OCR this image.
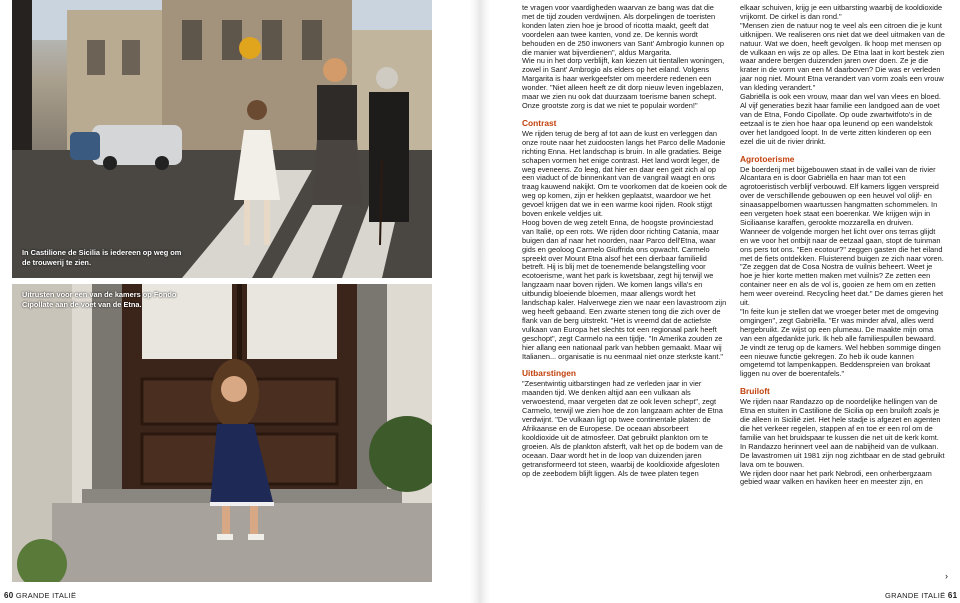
In Castilione de Sicilia is iedereen op weg om de trouwerij te zien.
Uitrusten voor een van de kamers op Fondo Cipollate aan de voet van de Etna.

te vragen voor vaardigheden waarvan ze bang was dat die met de tijd zouden verdwijnen. Als dorpelingen de toeristen konden laten zien hoe je brood of ricotta maakt, geeft dat voordelen aan twee kanten, vond ze. De kennis wordt behouden en de 250 inwoners van Sant' Ambrogio kunnen op die manier wat bijverdienen", aldus Margarita.

Wie nu in het dorp verblijft, kan kiezen uit tientallen woningen, zowel in Sant' Ambrogio als elders op het eiland. Volgens Margarita is haar werkgeefster om meerdere redenen een wonder. "Niet alleen heeft ze dit dorp nieuw leven ingeblazen, maar we zien nu ook dat duurzaam toerisme banen schept. Onze grootste zorg is dat we niet te populair worden!"

Contrast

We rijden terug de berg af tot aan de kust en verleggen dan onze route naar het zuidoosten langs het Parco delle Madonie richting Enna. Het landschap is bruin. In alle gradaties. Beige schapen vormen het enige contrast. Het land wordt leger, de weg eveneens. Zo leeg, dat hier en daar een geit zich al op een viaduct of de binnenkant van de vangrail waagt en ons traag kauwend nakijkt. Om te voorkomen dat de koeien ook de weg op komen, zijn er hekken geplaatst, waardoor we het gevoel krijgen dat we in een warme kooi rijden. Rook stijgt boven enkele veldjes uit.

Hoog boven de weg zetelt Enna, de hoogste provinciestad van Italië, op een rots. We rijden door richting Catania, maar buigen dan af naar het noorden, naar Parco dell'Etna, waar gids en geoloog Carmelo Giuffrida ons opwacht. Carmelo spreekt over Mount Etna alsof het een dierbaar familielid betreft. Hij is blij met de toenemende belangstelling voor ecotoerisme, want het park is kwetsbaar, zegt hij terwijl we langzaam naar boven rijden. We komen langs villa's en uitbundig bloeiende bloemen, maar allengs wordt het landschap kaler. Halverwege zien we naar een lavastroom zijn weg heeft gebaand. Een zwarte stenen tong die zich over de flank van de berg uitstrekt. "Het is vreemd dat de actiefste vulkaan van Europa het slechts tot een regionaal park heeft geschopt", zegt Carmelo na een tijdje. "In Amerika zouden ze hier allang een nationaal park van hebben gemaakt. Maar wij Italianen... organisatie is nu eenmaal niet onze sterkste kant."

Uitbarstingen

"Zesentwintig uitbarstingen had ze verleden jaar in vier maanden tijd. We denken altijd aan een vulkaan als verwoestend, maar vergeten dat ze ook leven schept", zegt Carmelo, terwijl we zien hoe de zon langzaam achter de Etna verdwijnt. "De vulkaan ligt op twee continentale platen: de Afrikaanse en de Europese. De oceaan absorbeert kooldioxide uit de atmosfeer. Dat gebruikt plankton om te groeien. Als de plankton afsterft, valt het op de bodem van de oceaan. Daar wordt het in de loop van duizenden jaren getransformeerd tot steen, waarbij de kooldioxide afgesloten op de zeebodem blijft liggen. Als de twee platen tegen

elkaar schuiven, krijg je een uitbarsting waarbij de kooldioxide vrijkomt. De cirkel is dan rond."

"Mensen zien de natuur nog te veel als een citroen die je kunt uitknijpen. We realiseren ons niet dat we deel uitmaken van de natuur. Wat we doen, heeft gevolgen. Ik hoop met mensen op de vulkaan en wijs ze op alles. De Etna laat in kort bestek zien waar andere bergen duizenden jaren over doen. Ze je die krater in de vorm van een M daarboven? Die was er verleden jaar nog niet. Mount Etna verandert van vorm zoals een vrouw van kleding verandert."

Gabriëlla is ook een vrouw, maar dan wel van vlees en bloed. Al vijf generaties bezit haar familie een landgoed aan de voet van de Etna, Fondo Cipollate. Op oude zwartwitfoto's in de eetzaal is te zien hoe haar opa leunend op een wandelstok over het landgoed loopt. In de verte zitten kinderen op een ezel die uit de rivier drinkt.

Agrotoerisme

De boerderij met bijgebouwen staat in de vallei van de rivier Alcantara en is door Gabriëlla en haar man tot een agrotoeristisch verblijf verbouwd. Elf kamers liggen verspreid over de verschillende gebouwen op een heuvel vol olijf- en sinaasappelbomen waartussen hangmatten schommelen. In een vergeten hoek staat een boerenkar. We krijgen wijn in Siciliaanse karaffen, gerookte mozzarella en druiven.

Wanneer de volgende morgen het licht over ons terras glijdt en we voor het ontbijt naar de eetzaal gaan, stopt de tuinman ons pers tot ons. "Een ecotour?" zeggen gasten die het eiland met de fiets ontdekken. Fluisterend buigen ze zich naar voren. "Ze zeggen dat de Cosa Nostra de vuilnis beheert. Weet je hoe je hier korte metten maken met vuilnis? Ze zetten een container neer en als de vol is, gooien ze hem om en zetten hem weer overeind. Recycling heet dat." De dames gieren het uit.

"In feite kun je stellen dat we vroeger beter met de omgeving omgingen", zegt Gabriëlla. "Er was minder afval, alles werd hergebruikt. Ze wijst op een plumeau. De maakte mijn oma van een afgedankte jurk. Ik heb alle familiespullen bewaard. Je vindt ze terug op de kamers. Wel hebben sommige dingen een nieuwe functie gekregen. Zo heb ik oude kannen omgetemd tot lampenkappen. Beddenspreien van brokaat liggen nu over de boerentafels."

Bruiloft

We rijden naar Randazzo op de noordelijke hellingen van de Etna en stuiten in Castilione de Sicilia op een bruiloft zoals je die alleen in Sicilië ziet. Het hele stadje is afgezet en agenten die het verkeer regelen, stappen af en toe er een rol om de familie van het bruidspaar te kussen die net uit de kerk komt. In Randazzo herinnert veel aan de nabijheid van de vulkaan. De lavastromen uit 1981 zijn nog zichtbaar en de stad gebruikt lava om te bouwen.

We rijden door naar het park Nebrodi, een onherbergzaam gebied waar valken en haviken heer en meester zijn, en

›
60 GRANDE ITALIË	GRANDE ITALIË 61
